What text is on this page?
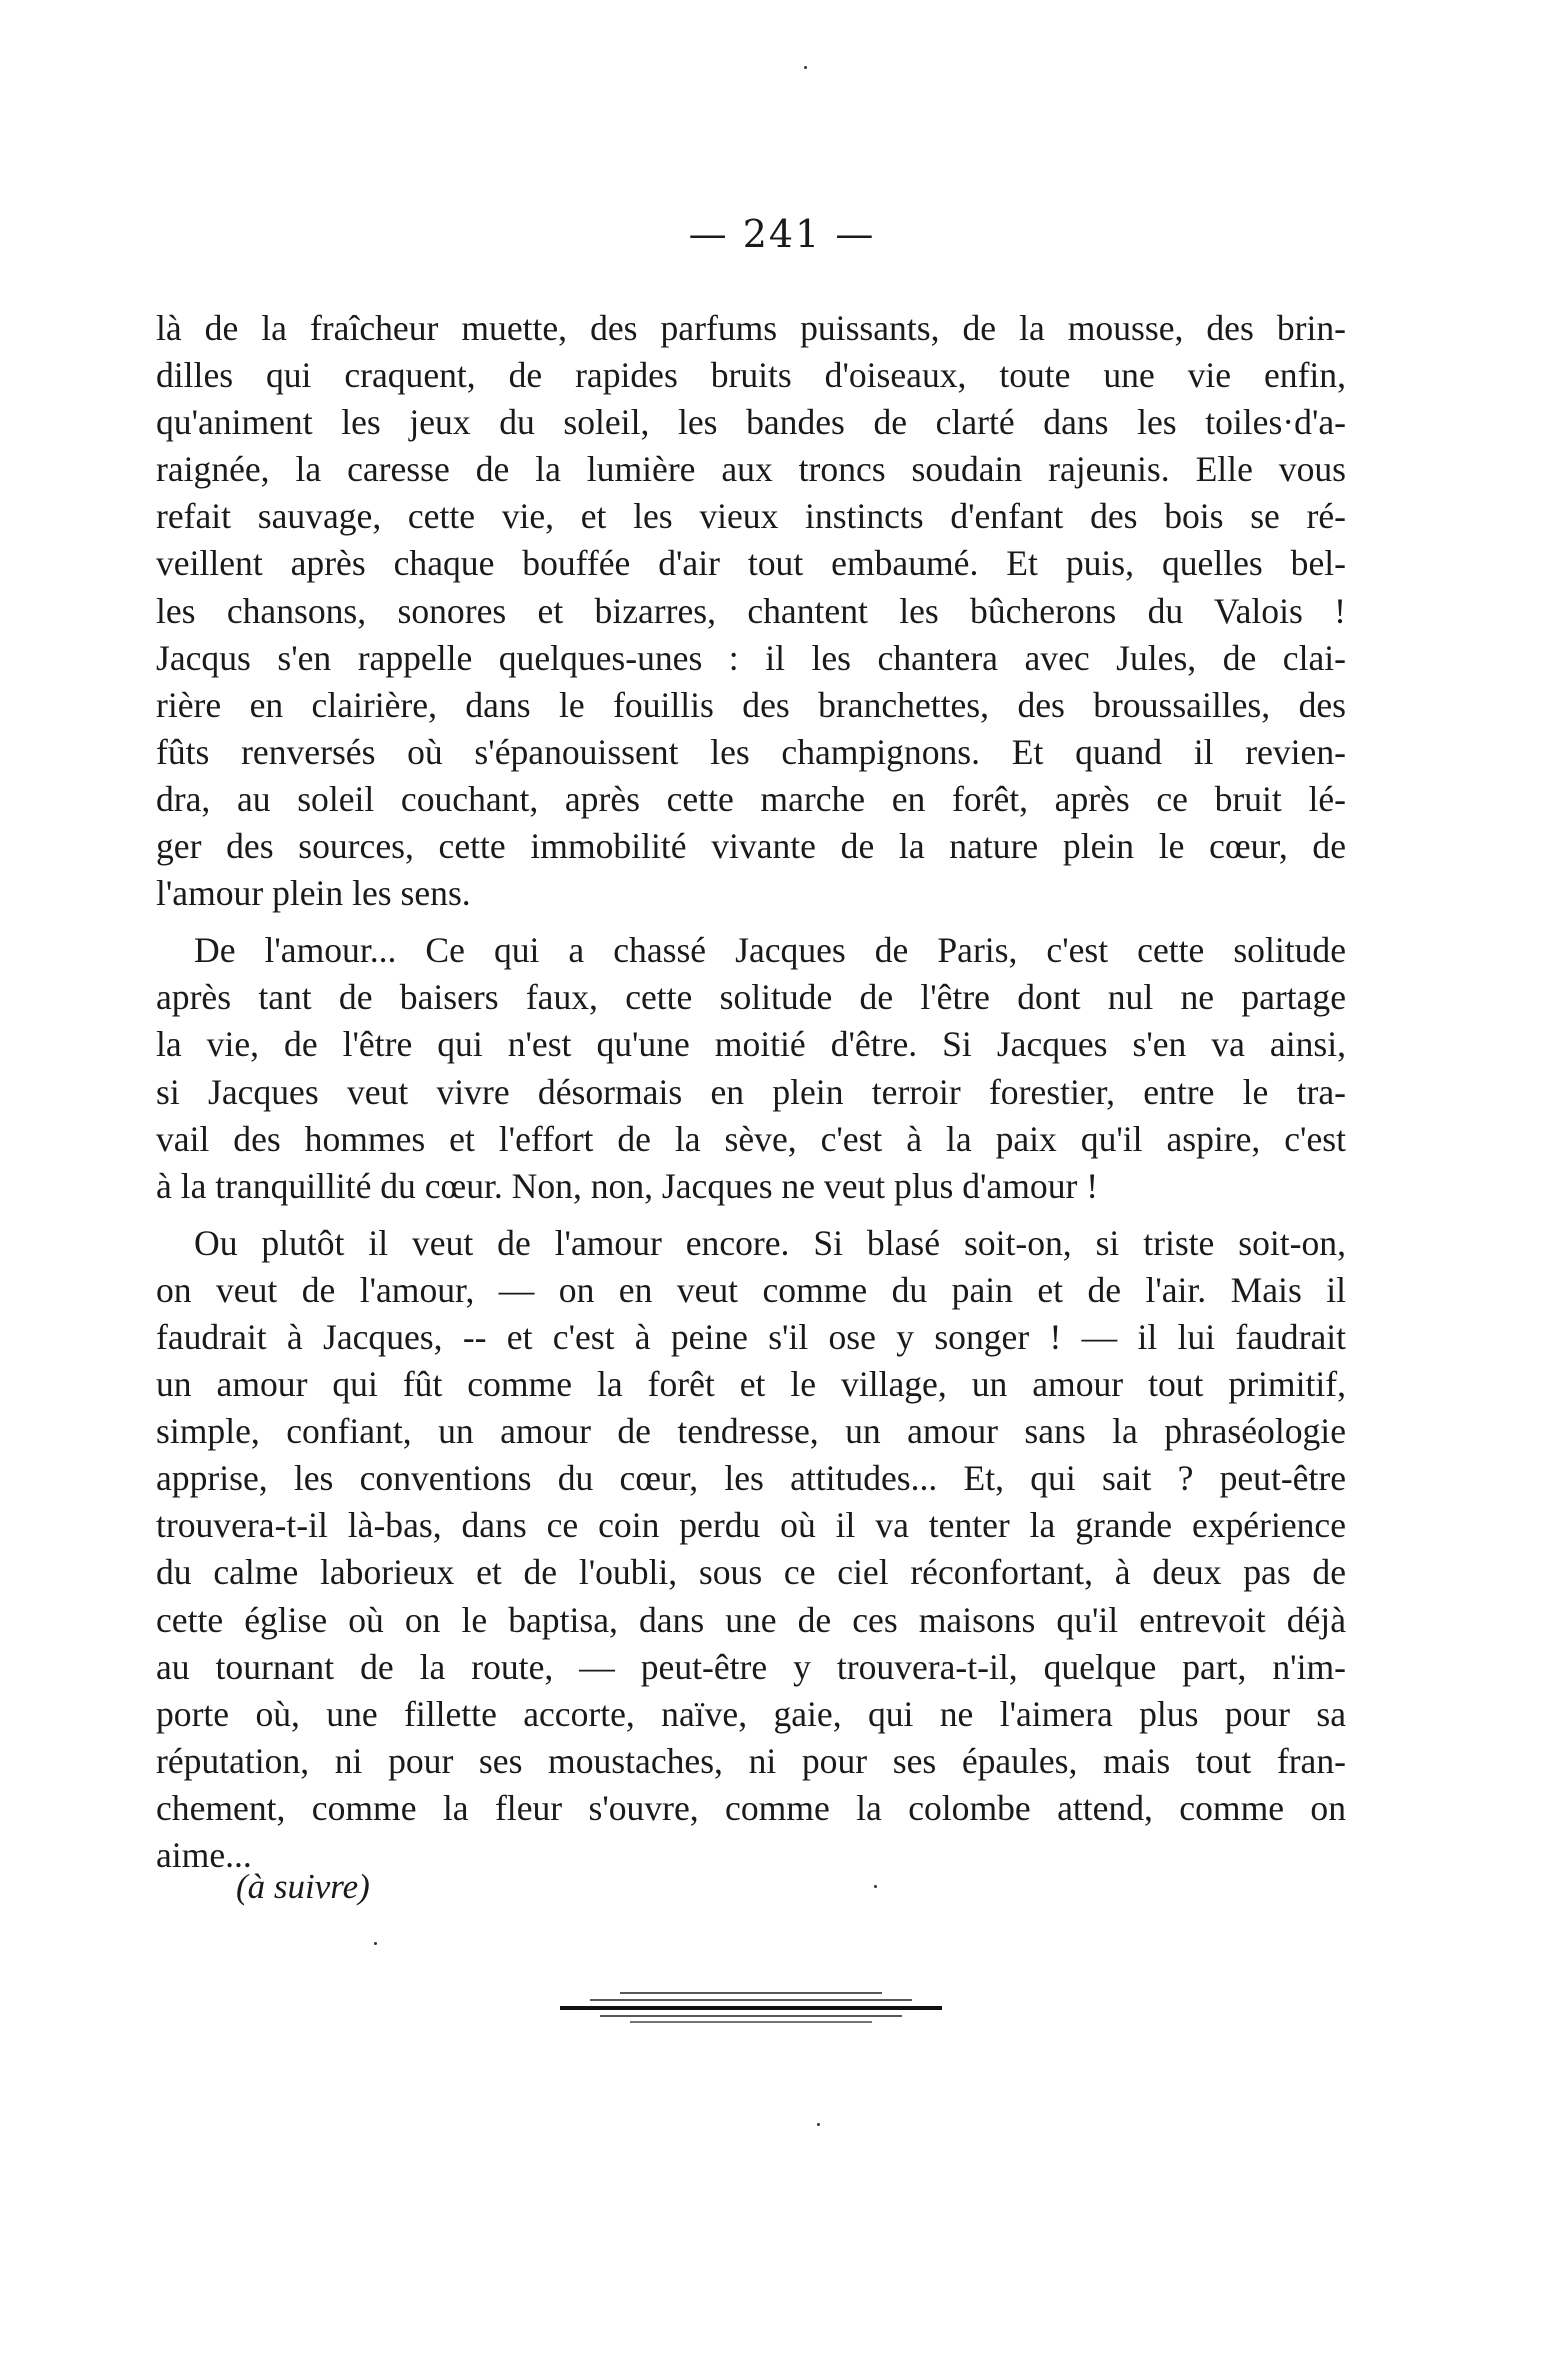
— 241 —
là de la fraîcheur muette, des parfums puissants, de la mousse, des brin-
dilles qui craquent, de rapides bruits d'oiseaux, toute une vie enfin,
qu'animent les jeux du soleil, les bandes de clarté dans les toiles·d'a-
raignée, la caresse de la lumière aux troncs soudain rajeunis. Elle vous
refait sauvage, cette vie, et les vieux instincts d'enfant des bois se ré-
veillent après chaque bouffée d'air tout embaumé. Et puis, quelles bel-
les chansons, sonores et bizarres, chantent les bûcherons du Valois !
Jacqus s'en rappelle quelques-unes : il les chantera avec Jules, de clai-
rière en clairière, dans le fouillis des branchettes, des broussailles, des
fûts renversés où s'épanouissent les champignons. Et quand il revien-
dra, au soleil couchant, après cette marche en forêt, après ce bruit lé-
ger des sources, cette immobilité vivante de la nature plein le cœur, de
l'amour plein les sens.
De l'amour... Ce qui a chassé Jacques de Paris, c'est cette solitude
après tant de baisers faux, cette solitude de l'être dont nul ne partage
la vie, de l'être qui n'est qu'une moitié d'être. Si Jacques s'en va ainsi,
si Jacques veut vivre désormais en plein terroir forestier, entre le tra-
vail des hommes et l'effort de la sève, c'est à la paix qu'il aspire, c'est
à la tranquillité du cœur. Non, non, Jacques ne veut plus d'amour !
Ou plutôt il veut de l'amour encore. Si blasé soit-on, si triste soit-on,
on veut de l'amour, — on en veut comme du pain et de l'air. Mais il
faudrait à Jacques, -- et c'est à peine s'il ose y songer ! — il lui faudrait
un amour qui fût comme la forêt et le village, un amour tout primitif,
simple, confiant, un amour de tendresse, un amour sans la phraséologie
apprise, les conventions du cœur, les attitudes... Et, qui sait ? peut-être
trouvera-t-il là-bas, dans ce coin perdu où il va tenter la grande expérience
du calme laborieux et de l'oubli, sous ce ciel réconfortant, à deux pas de
cette église où on le baptisa, dans une de ces maisons qu'il entrevoit déjà
au tournant de la route, — peut-être y trouvera-t-il, quelque part, n'im-
porte où, une fillette accorte, naïve, gaie, qui ne l'aimera plus pour sa
réputation, ni pour ses moustaches, ni pour ses épaules, mais tout fran-
chement, comme la fleur s'ouvre, comme la colombe attend, comme on
aime...
(à suivre)
